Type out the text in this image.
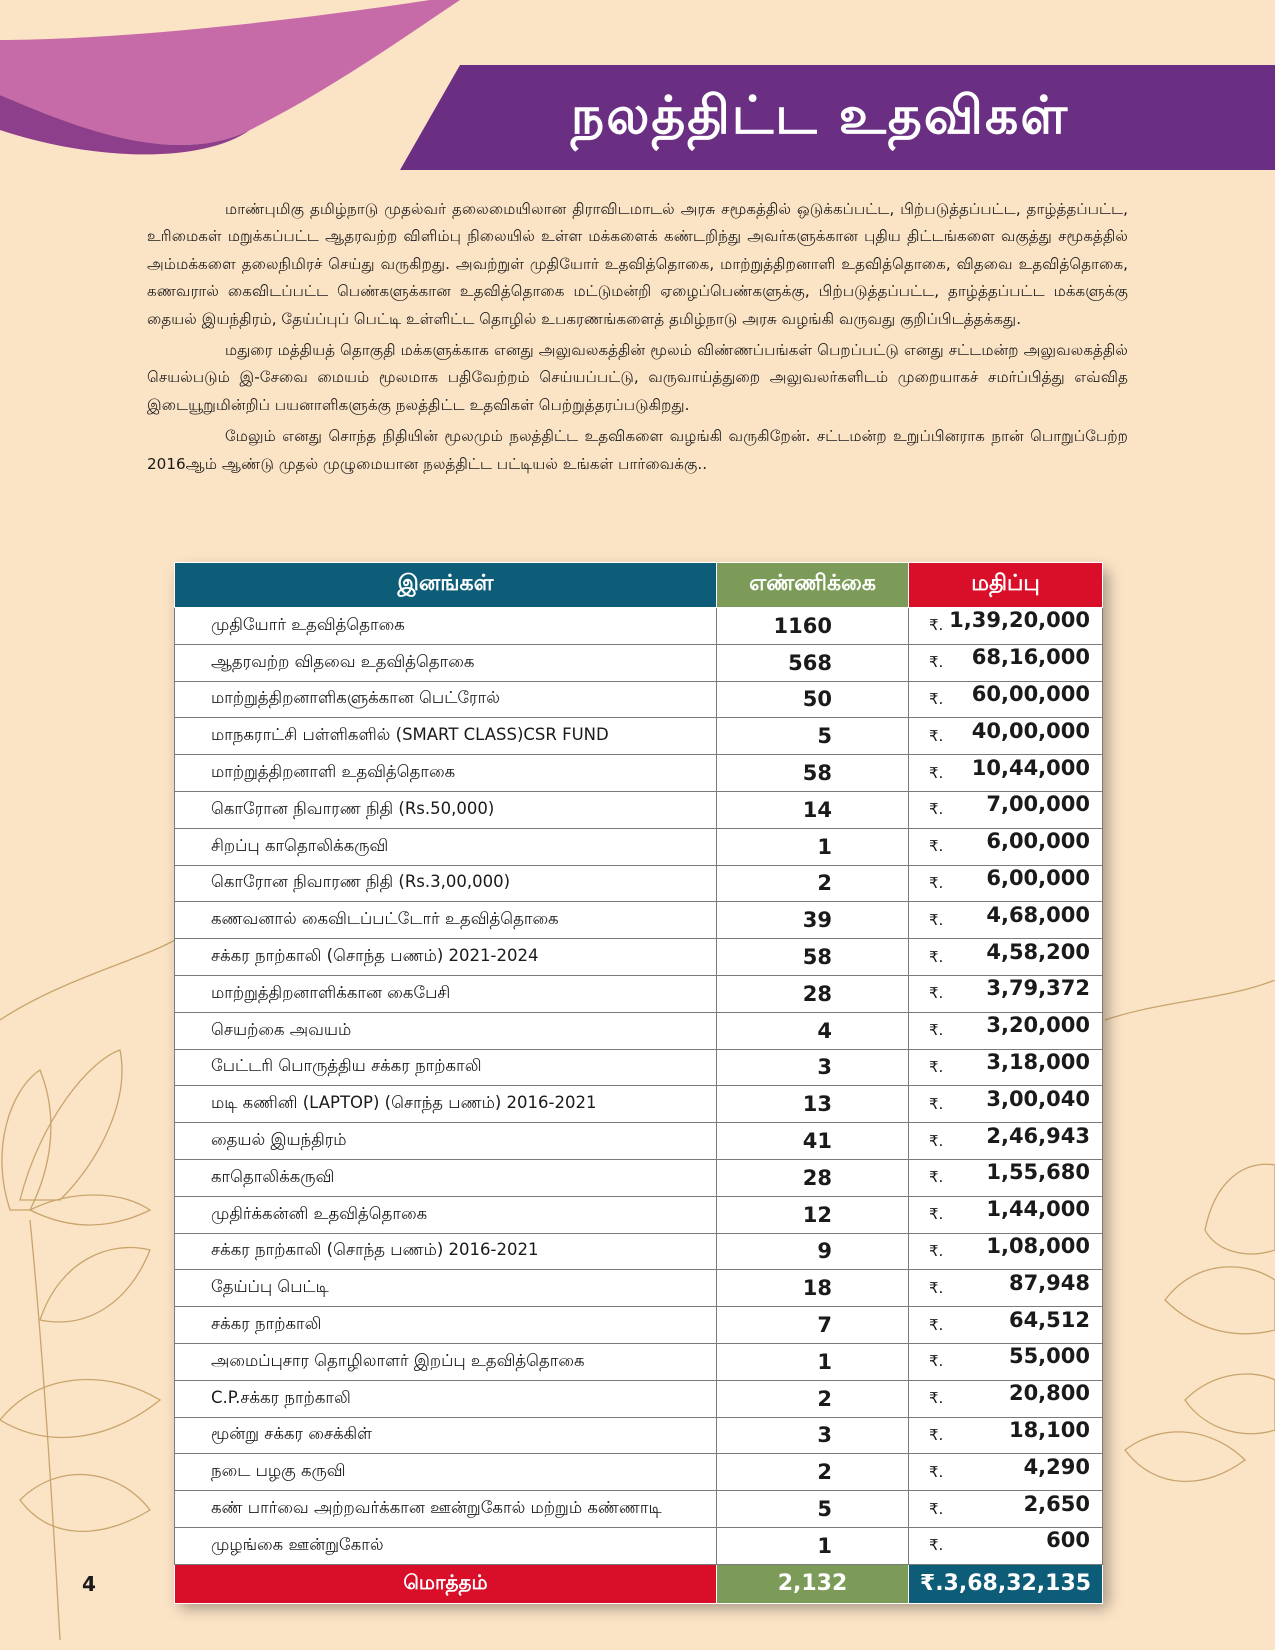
நலத்திட்ட உதவிகள்

மாண்புமிகு தமிழ்நாடு முதல்வர் தலைமையிலான திராவிடமாடல் அரசு சமூகத்தில் ஒடுக்கப்பட்ட, பிற்படுத்தப்பட்ட, தாழ்த்தப்பட்ட, உரிமைகள் மறுக்கப்பட்ட ஆதரவற்ற விளிம்பு நிலையில் உள்ள மக்களைக் கண்டறிந்து அவர்களுக்கான புதிய திட்டங்களை வகுத்து சமூகத்தில் அம்மக்களை தலைநிமிரச் செய்து வருகிறது. அவற்றுள் முதியோர் உதவித்தொகை, மாற்றுத்திறனாளி உதவித்தொகை, விதவை உதவித்தொகை, கணவரால் கைவிடப்பட்ட பெண்களுக்கான உதவித்தொகை மட்டுமன்றி ஏழைப்பெண்களுக்கு, பிற்படுத்தப்பட்ட, தாழ்த்தப்பட்ட மக்களுக்கு தையல் இயந்திரம், தேய்ப்புப் பெட்டி உள்ளிட்ட தொழில் உபகரணங்களைத் தமிழ்நாடு அரசு வழங்கி வருவது குறிப்பிடத்தக்கது.

மதுரை மத்தியத் தொகுதி மக்களுக்காக எனது அலுவலகத்தின் மூலம் விண்ணப்பங்கள் பெறப்பட்டு எனது சட்டமன்ற அலுவலகத்தில் செயல்படும் இ-சேவை மையம் மூலமாக பதிவேற்றம் செய்யப்பட்டு, வருவாய்த்துறை அலுவலர்களிடம் முறையாகச் சமர்ப்பித்து எவ்வித இடையூறுமின்றிப் பயனாளிகளுக்கு நலத்திட்ட உதவிகள் பெற்றுத்தரப்படுகிறது.

மேலும் எனது சொந்த நிதியின் மூலமும் நலத்திட்ட உதவிகளை வழங்கி வருகிறேன். சட்டமன்ற உறுப்பினராக நான் பொறுப்பேற்ற 2016ஆம் ஆண்டு முதல் முழுமையான நலத்திட்ட பட்டியல் உங்கள் பார்வைக்கு..

இனங்கள்	எண்ணிக்கை	மதிப்பு
முதியோர் உதவித்தொகை	1160	₹. 1,39,20,000
ஆதரவற்ற விதவை உதவித்தொகை	568	₹. 68,16,000
மாற்றுத்திறனாளிகளுக்கான பெட்ரோல்	50	₹. 60,00,000
மாநகராட்சி பள்ளிகளில் (SMART CLASS)CSR FUND	5	₹. 40,00,000
மாற்றுத்திறனாளி உதவித்தொகை	58	₹. 10,44,000
கொரோன நிவாரண நிதி (Rs.50,000)	14	₹. 7,00,000
சிறப்பு காதொலிக்கருவி	1	₹. 6,00,000
கொரோன நிவாரண நிதி (Rs.3,00,000)	2	₹. 6,00,000
கணவனால் கைவிடப்பட்டோர் உதவித்தொகை	39	₹. 4,68,000
சக்கர நாற்காலி (சொந்த பணம்) 2021-2024	58	₹. 4,58,200
மாற்றுத்திறனாளிக்கான கைபேசி	28	₹. 3,79,372
செயற்கை அவயம்	4	₹. 3,20,000
பேட்டரி பொருத்திய சக்கர நாற்காலி	3	₹. 3,18,000
மடி கணினி (LAPTOP) (சொந்த பணம்) 2016-2021	13	₹. 3,00,040
தையல் இயந்திரம்	41	₹. 2,46,943
காதொலிக்கருவி	28	₹. 1,55,680
முதிர்க்கன்னி உதவித்தொகை	12	₹. 1,44,000
சக்கர நாற்காலி (சொந்த பணம்) 2016-2021	9	₹. 1,08,000
தேய்ப்பு பெட்டி	18	₹. 87,948
சக்கர நாற்காலி	7	₹. 64,512
அமைப்புசார தொழிலாளர் இறப்பு உதவித்தொகை	1	₹. 55,000
C.P.சக்கர நாற்காலி	2	₹. 20,800
மூன்று சக்கர சைக்கிள்	3	₹. 18,100
நடை பழகு கருவி	2	₹. 4,290
கண் பார்வை அற்றவர்க்கான ஊன்றுகோல் மற்றும் கண்ணாடி	5	₹. 2,650
முழங்கை ஊன்றுகோல்	1	₹. 600
மொத்தம்	2,132	₹.3,68,32,135
4
